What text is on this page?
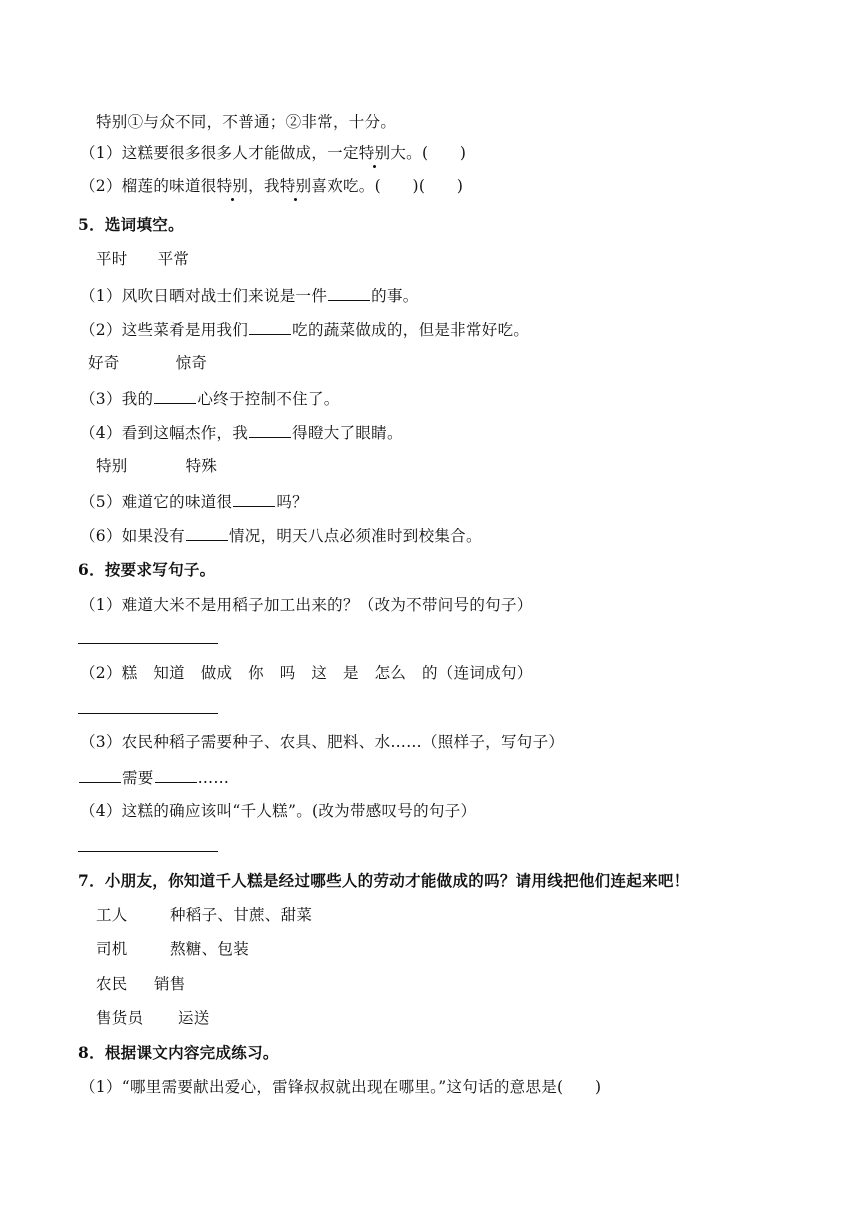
特别①与众不同，不普通；②非常，十分。
（1）这糕要很多很多人才能做成，一定特别大。(　　)
（2）榴莲的味道很特别，我特别喜欢吃。(　　)(　　)
5．选词填空。
平时 平常
（1）风吹日晒对战士们来说是一件	的事。
（2）这些菜肴是用我们	吃的蔬菜做成的，但是非常好吃。
好奇	惊奇
（3）我的	心终于控制不住了。
（4）看到这幅杰作，我	得瞪大了眼睛。
特别	特殊
（5）难道它的味道很	吗？
（6）如果没有	情况，明天八点必须准时到校集合。
6．按要求写句子。
（1）难道大米不是用稻子加工出来的？（改为不带问号的句子）
（2）糕　知道　做成　你　吗　这　是　怎么　的（连词成句）
（3）农民种稻子需要种子、农具、肥料、水……（照样子，写句子）
需要	……
（4）这糕的确应该叫“千人糕”。(改为带感叹号的句子）
7．小朋友，你知道千人糕是经过哪些人的劳动才能做成的吗？请用线把他们连起来吧！
工人	种稻子、甘蔗、甜菜
司机	熬糖、包装
农民 销售
售货员 运送
8．根据课文内容完成练习。
（1）“哪里需要献出爱心，雷锋叔叔就出现在哪里。”这句话的意思是(　　)
